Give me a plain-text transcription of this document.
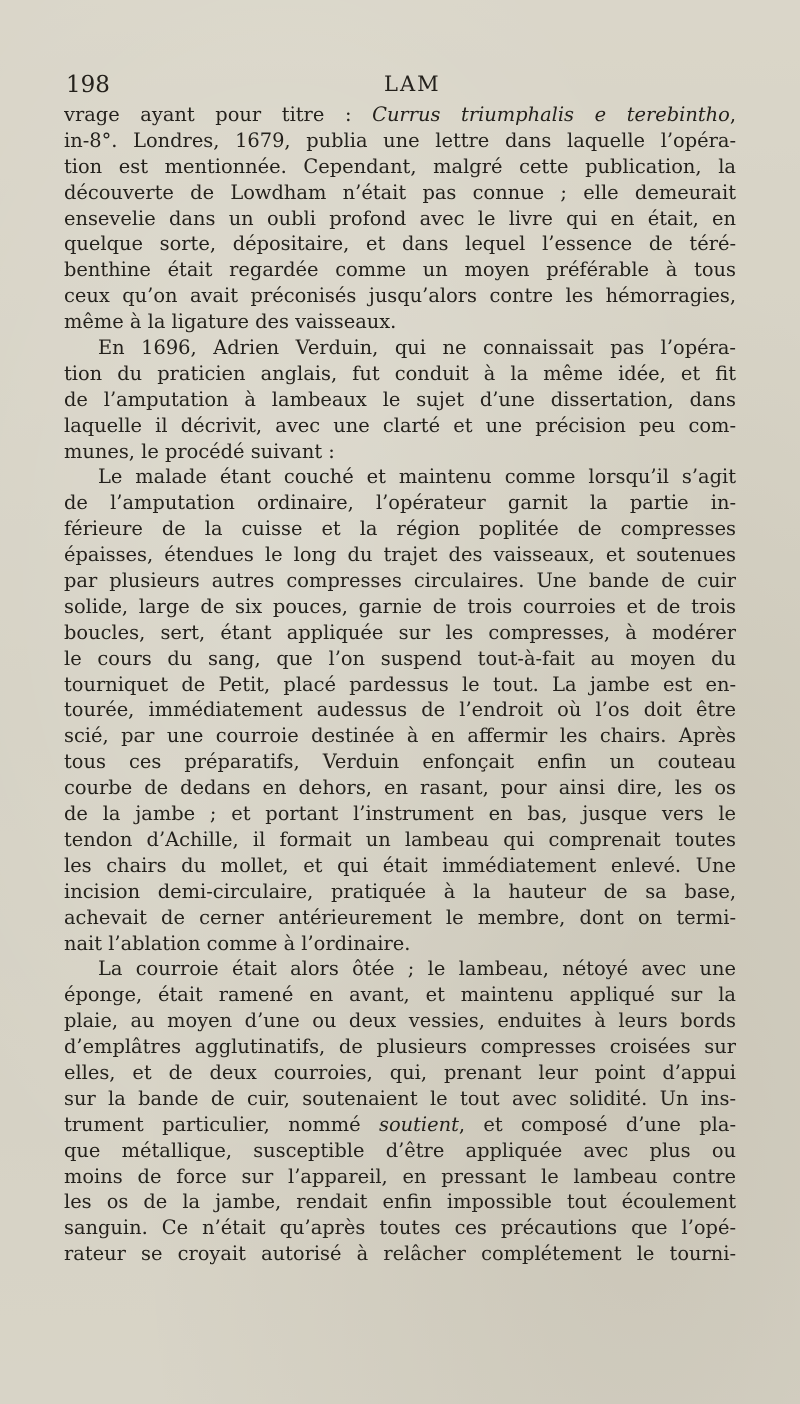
198	LAM
vrage ayant pour titre : Currus triumphalis e terebintho,
in-8°. Londres, 1679, publia une lettre dans laquelle l’opéra-
tion est mentionnée. Cependant, malgré cette publication, la
découverte de Lowdham n’était pas connue ; elle demeurait
ensevelie dans un oubli profond avec le livre qui en était, en
quelque sorte, dépositaire, et dans lequel l’essence de téré-
benthine était regardée comme un moyen préférable à tous
ceux qu’on avait préconisés jusqu’alors contre les hémorragies,
même à la ligature des vaisseaux.
En 1696, Adrien Verduin, qui ne connaissait pas l’opéra-
tion du praticien anglais, fut conduit à la même idée, et fit
de l’amputation à lambeaux le sujet d’une dissertation, dans
laquelle il décrivit, avec une clarté et une précision peu com-
munes, le procédé suivant :
Le malade étant couché et maintenu comme lorsqu’il s’agit
de l’amputation ordinaire, l’opérateur garnit la partie in-
férieure de la cuisse et la région poplitée de compresses
épaisses, étendues le long du trajet des vaisseaux, et soutenues
par plusieurs autres compresses circulaires. Une bande de cuir
solide, large de six pouces, garnie de trois courroies et de trois
boucles, sert, étant appliquée sur les compresses, à modérer
le cours du sang, que l’on suspend tout-à-fait au moyen du
tourniquet de Petit, placé pardessus le tout. La jambe est en-
tourée, immédiatement audessus de l’endroit où l’os doit être
scié, par une courroie destinée à en affermir les chairs. Après
tous ces préparatifs, Verduin enfonçait enfin un couteau
courbe de dedans en dehors, en rasant, pour ainsi dire, les os
de la jambe ; et portant l’instrument en bas, jusque vers le
tendon d’Achille, il formait un lambeau qui comprenait toutes
les chairs du mollet, et qui était immédiatement enlevé. Une
incision demi-circulaire, pratiquée à la hauteur de sa base,
achevait de cerner antérieurement le membre, dont on termi-
nait l’ablation comme à l’ordinaire.
La courroie était alors ôtée ; le lambeau, nétoyé avec une
éponge, était ramené en avant, et maintenu appliqué sur la
plaie, au moyen d’une ou deux vessies, enduites à leurs bords
d’emplâtres agglutinatifs, de plusieurs compresses croisées sur
elles, et de deux courroies, qui, prenant leur point d’appui
sur la bande de cuir, soutenaient le tout avec solidité. Un ins-
trument particulier, nommé soutient, et composé d’une pla-
que métallique, susceptible d’être appliquée avec plus ou
moins de force sur l’appareil, en pressant le lambeau contre
les os de la jambe, rendait enfin impossible tout écoulement
sanguin. Ce n’était qu’après toutes ces précautions que l’opé-
rateur se croyait autorisé à relâcher complétement le tourni-
